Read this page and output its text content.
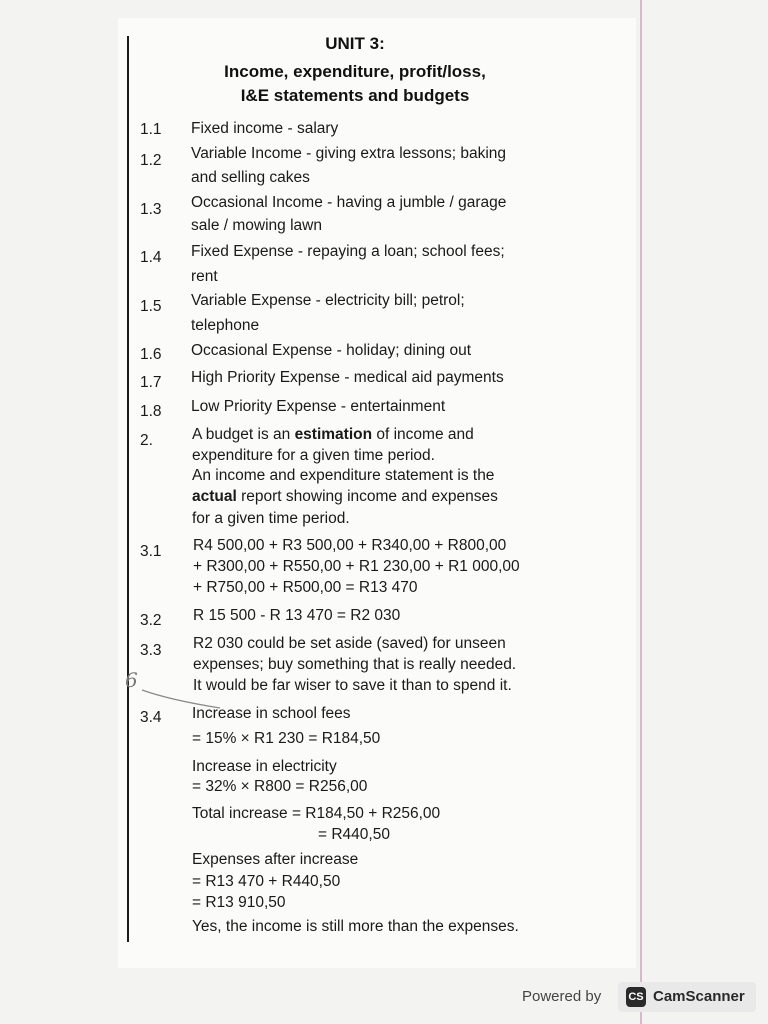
UNIT 3:
Income, expenditure, profit/loss,
I&E statements and budgets
1.1 Fixed income - salary
1.2 Variable Income - giving extra lessons; baking
and selling cakes
1.3 Occasional Income - having a jumble / garage
sale / mowing lawn
1.4 Fixed Expense - repaying a loan; school fees;
rent
1.5 Variable Expense - electricity bill; petrol;
telephone
1.6 Occasional Expense - holiday; dining out
1.7 High Priority Expense - medical aid payments
1.8 Low Priority Expense - entertainment
2.	A budget is an estimation of income and
expenditure for a given time period.
An income and expenditure statement is the
actual report showing income and expenses
for a given time period.
3.1 R4 500,00 + R3 500,00 + R340,00 + R800,00
+ R300,00 + R550,00 + R1 230,00 + R1 000,00
+ R750,00 + R500,00 = R13 470
3.2 R 15 500 - R 13 470 = R2 030
3.3 R2 030 could be set aside (saved) for unseen
expenses; buy something that is really needed.
It would be far wiser to save it than to spend it.
6
3.4 Increase in school fees
= 15% × R1 230 = R184,50
Increase in electricity
= 32% × R800 = R256,00
Total increase = R184,50 + R256,00
= R440,50
Expenses after increase
= R13 470 + R440,50
= R13 910,50
Yes, the income is still more than the expenses.
Powered by CS CamScanner
